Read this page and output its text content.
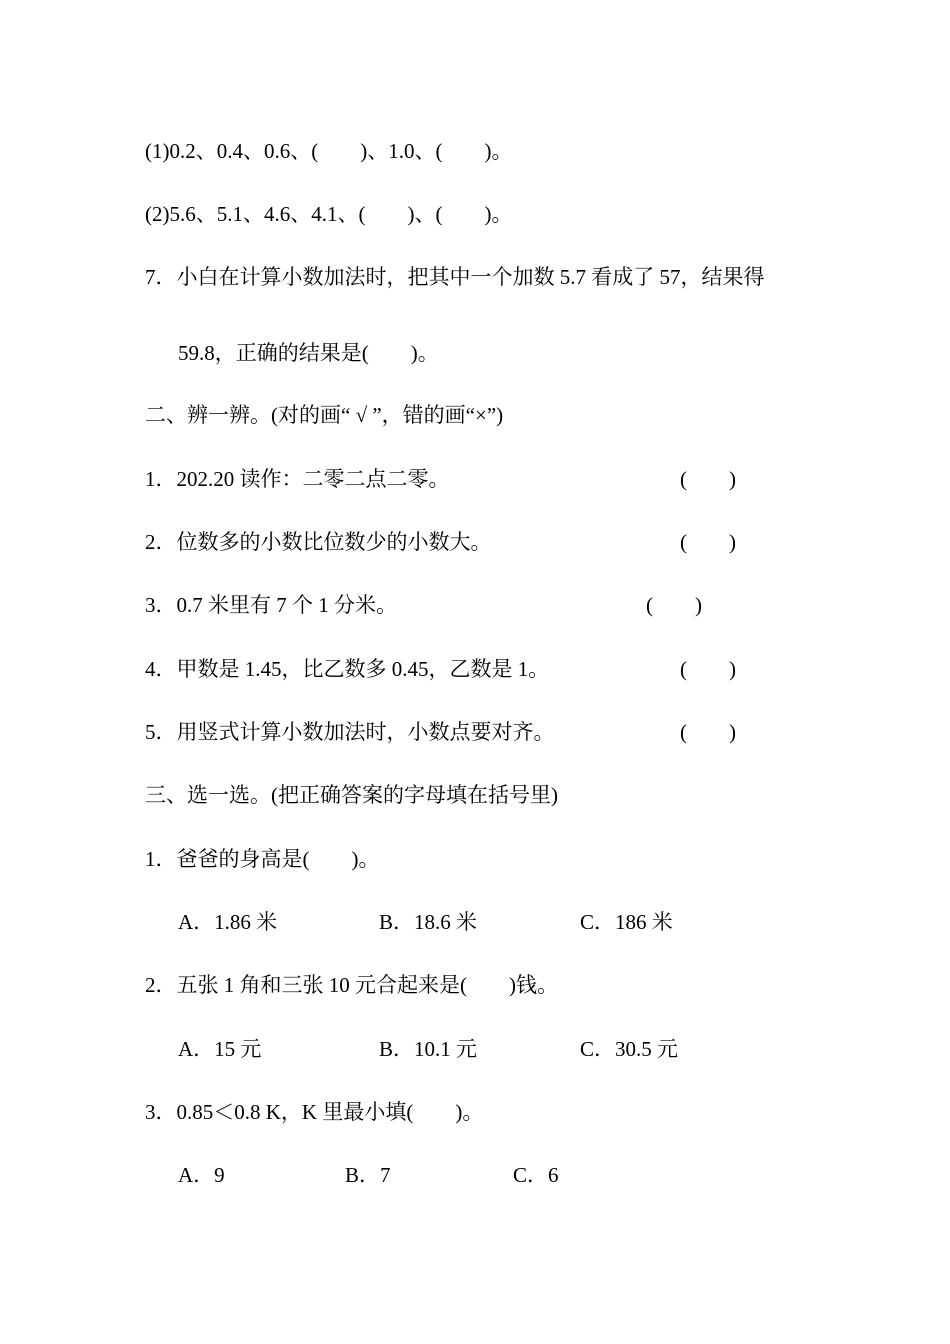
(1)0.2、0.4、0.6、(　　)、1.0、(　　)。
(2)5.6、5.1、4.6、4.1、(　　)、(　　)。
7．小白在计算小数加法时，把其中一个加数 5.7 看成了 57，结果得
59.8，正确的结果是(　　)。
二、辨一辨。(对的画“ √ ”，错的画“×”)
1．202.20 读作：二零二点二零。	(　　)
2．位数多的小数比位数少的小数大。	(　　)
3．0.7 米里有 7 个 1 分米。	(　　)
4．甲数是 1.45，比乙数多 0.45，乙数是 1。	(　　)
5．用竖式计算小数加法时，小数点要对齐。	(　　)
三、选一选。(把正确答案的字母填在括号里)
1．爸爸的身高是(　　)。
A．1.86 米	B．18.6 米	C．186 米
2．五张 1 角和三张 10 元合起来是(　　)钱。
A．15 元	B．10.1 元	C．30.5 元
3．0.85＜0.8 K，K 里最小填(　　)。
A．9	B．7	C．6
